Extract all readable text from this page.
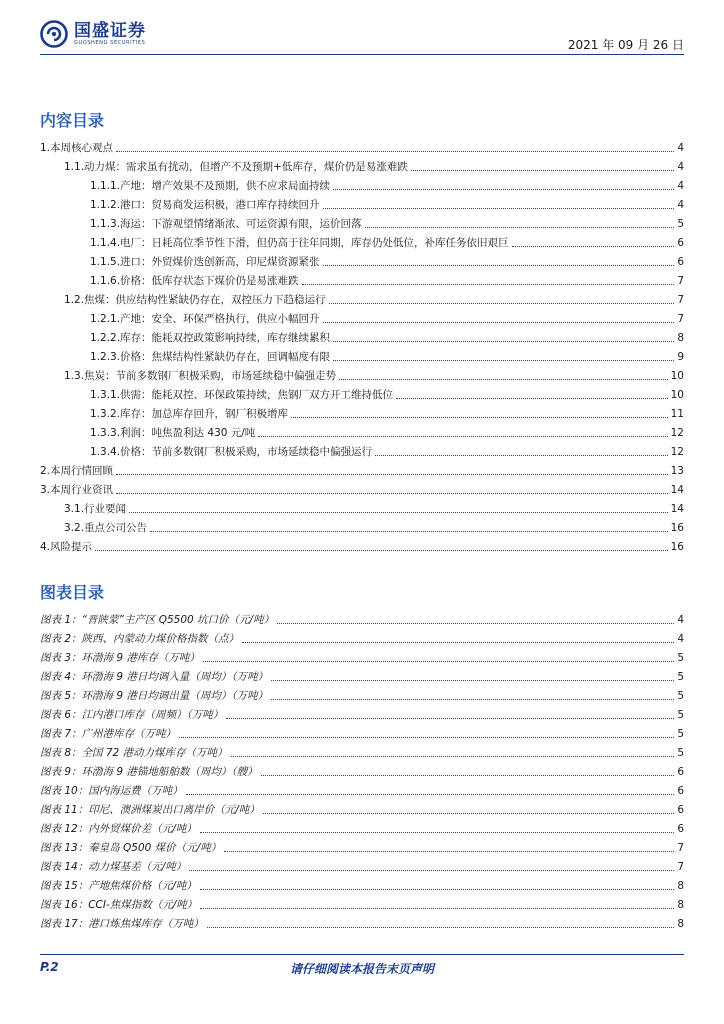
国盛证券
GUOSHENG SECURITIES	2021 年 09 月 26 日
内容目录
1.本周核心观点	4
1.1.动力煤：需求虽有扰动，但增产不及预期+低库存，煤价仍是易涨难跌	4
1.1.1.产地：增产效果不及预期，供不应求局面持续	4
1.1.2.港口：贸易商发运积极，港口库存持续回升	4
1.1.3.海运：下游观望情绪渐浓、可运资源有限，运价回落	5
1.1.4.电厂：日耗高位季节性下滑，但仍高于往年同期，库存仍处低位，补库任务依旧艰巨	6
1.1.5.进口：外贸煤价迭创新高，印尼煤资源紧张	6
1.1.6.价格：低库存状态下煤价仍是易涨难跌	7
1.2.焦煤：供应结构性紧缺仍存在，双控压力下趋稳运行	7
1.2.1.产地：安全、环保严格执行，供应小幅回升	7
1.2.2.库存：能耗双控政策影响持续，库存继续累积	8
1.2.3.价格：焦煤结构性紧缺仍存在，回调幅度有限	9
1.3.焦炭：节前多数钢厂积极采购，市场延续稳中偏强走势	10
1.3.1.供需：能耗双控、环保政策持续，焦钢厂双方开工维持低位	10
1.3.2.库存：加总库存回升，钢厂积极增库	11
1.3.3.利润：吨焦盈利达 430 元/吨	12
1.3.4.价格：节前多数钢厂积极采购，市场延续稳中偏强运行	12
2.本周行情回顾	13
3.本周行业资讯	14
3.1.行业要闻	14
3.2.重点公司公告	16
4.风险提示	16
图表目录
图表 1：“晋陕蒙”主产区 Q5500 坑口价（元/吨）	4
图表 2：陕西、内蒙动力煤价格指数（点）	4
图表 3：环渤海 9 港库存（万吨）	5
图表 4：环渤海 9 港日均调入量（周均）（万吨）	5
图表 5：环渤海 9 港日均调出量（周均）（万吨）	5
图表 6：江内港口库存（周频）（万吨）	5
图表 7：广州港库存（万吨）	5
图表 8：全国 72 港动力煤库存（万吨）	5
图表 9：环渤海 9 港锚地船舶数（周均）（艘）	6
图表 10：国内海运费（万吨）	6
图表 11：印尼、澳洲煤炭出口离岸价（元/吨）	6
图表 12：内外贸煤价差（元/吨）	6
图表 13：秦皇岛 Q500 煤价（元/吨）	7
图表 14：动力煤基差（元/吨）	7
图表 15：产地焦煤价格（元/吨）	8
图表 16：CCI-焦煤指数（元/吨）	8
图表 17：港口炼焦煤库存（万吨）	8
P.2	请仔细阅读本报告末页声明
